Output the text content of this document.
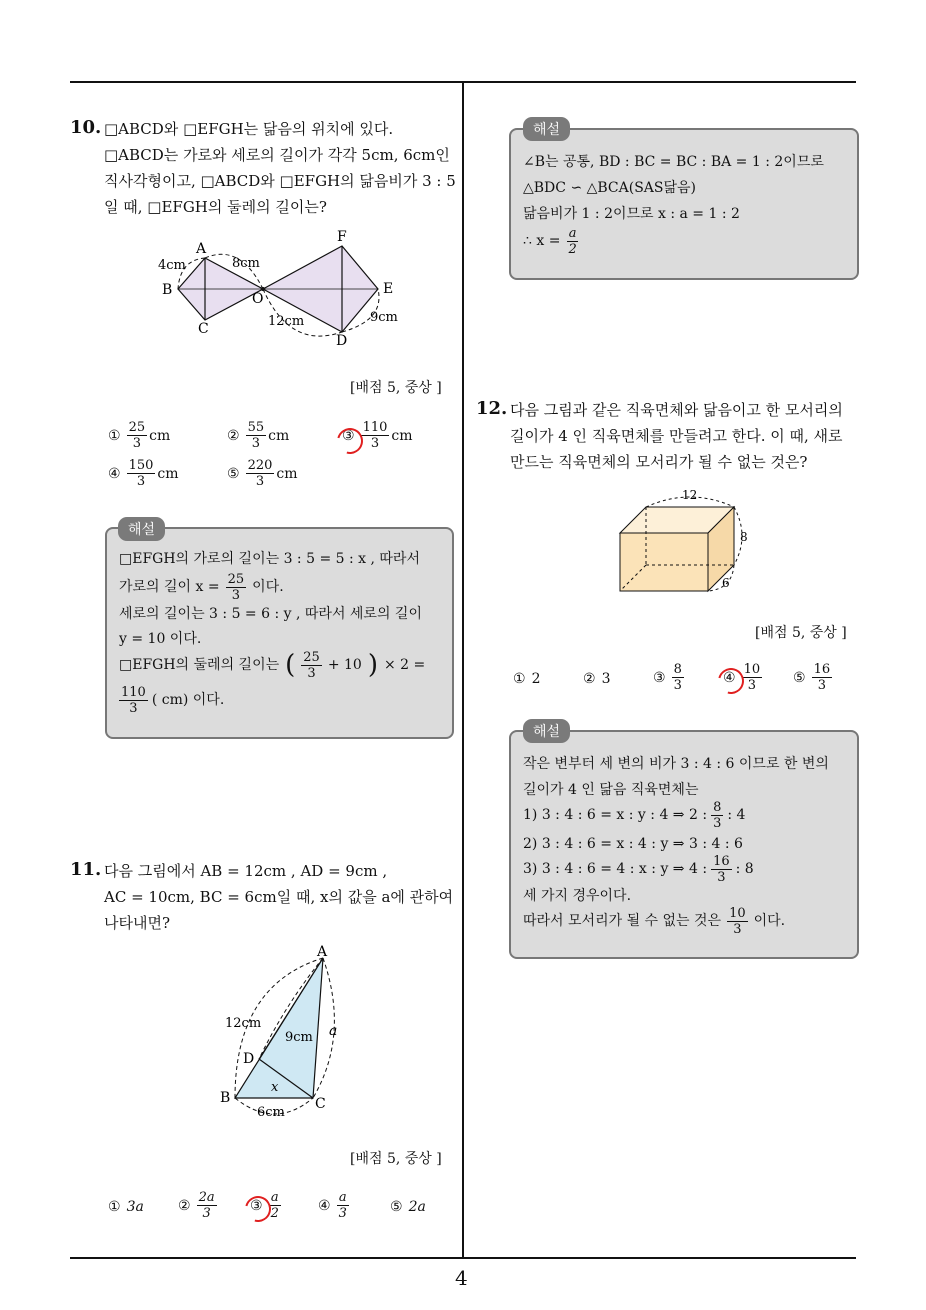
4
10. □ABCD와 □EFGH는 닮음의 위치에 있다.
□ABCD는 가로와 세로의 길이가 각각 5cm, 6cm인
직사각형이고, □ABCD와 □EFGH의 닮음비가 3 : 5
일 때, □EFGH의 둘레의 길이는?
A
B
C
D
E
F
O
4cm	8cm
12cm	9cm
[배점 5, 중상 ]
① $\frac{25}{3}$ cm	② $\frac{55}{3}$ cm	③ $\frac{110}{3}$ cm
④ $\frac{150}{3}$ cm	⑤ $\frac{220}{3}$ cm
□EFGH의 가로의 길이는 3 : 5 = 5 : x , 따라서
가로의 길이 $x = \frac{25}{3}$ 이다.
세로의 길이는 3 : 5 = 6 : y , 따라서 세로의 길이
y = 10 이다.
□EFGH의 둘레의 길이는 ( $\frac{25}{3} + 10$ ) × 2 =
$\frac{110}{3}$ ( cm) 이다.
해설
11. 다음 그림에서 AB = 12cm , AD = 9cm ,
AC = 10cm, BC = 6cm일 때, x의 값을 a에 관하여
나타내면?
A
B	C
D
12cm
9cm a
x
6cm
[배점 5, 중상 ]
① 3a ② $\frac{2a}{3}$ ③ $\frac{a}{2}$	④ $\frac{a}{3}$	⑤ 2a
∠B는 공통, BD : BC = BC : BA = 1 : 2이므로
△BDC ∽ △BCA(SAS닮음)
닮음비가 1 : 2이므로 x : a = 1 : 2
∴ $x = \frac{a}{2}$
해설
12. 다음 그림과 같은 직육면체와 닮음이고 한 모서리의
길이가 4 인 직육면체를 만들려고 한다. 이 때, 새로
만드는 직육면체의 모서리가 될 수 없는 것은?
12
8
6
[배점 5, 중상 ]
① 2	② 3	③ $\frac{8}{3}$	④ $\frac{10}{3}$ ⑤ $\frac{16}{3}$
작은 변부터 세 변의 비가 3 : 4 : 6 이므로 한 변의
길이가 4 인 닮음 직육면체는
1) 3 : 4 : 6 = x : y : 4 ⇒ 2 : $\frac{8}{3}$ : 4
2) 3 : 4 : 6 = x : 4 : y ⇒ 3 : 4 : 6
3) 3 : 4 : 6 = 4 : x : y ⇒ 4 : $\frac{16}{3}$ : 8
세 가지 경우이다.
따라서 모서리가 될 수 없는 것은 $\frac{10}{3}$ 이다.
해설
